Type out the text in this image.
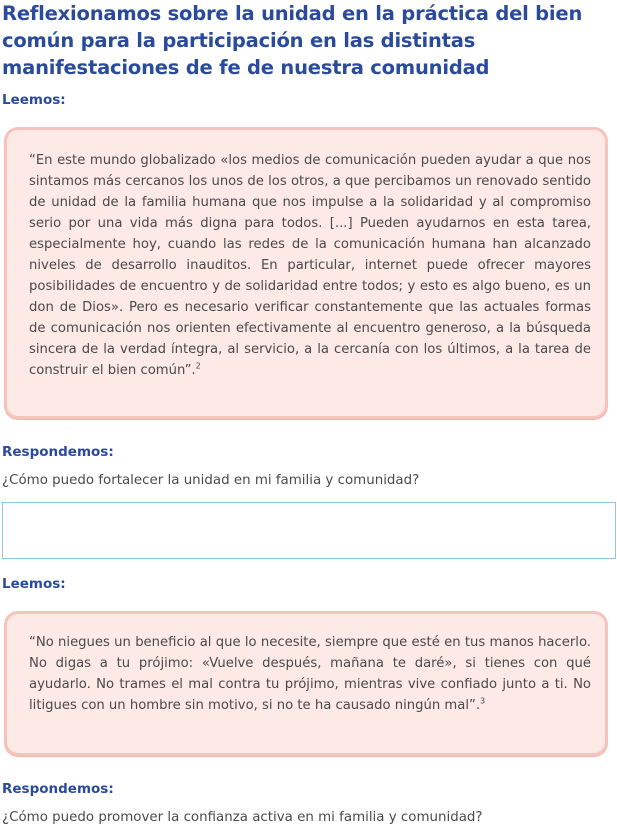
Reflexionamos sobre la unidad en la práctica del bien común para la participación en las distintas manifestaciones de fe de nuestra comunidad
Leemos:

“En este mundo globalizado «los medios de comunicación pueden ayudar a que nos sintamos más cercanos los unos de los otros, a que percibamos un renovado sentido de unidad de la familia humana que nos impulse a la solidaridad y al compromiso serio por una vida más digna para todos. [...] Pueden ayudarnos en esta tarea, especialmente hoy, cuando las redes de la comunicación humana han alcanzado niveles de desarrollo inauditos. En particular, internet puede ofrecer mayores posibilidades de encuentro y de solidaridad entre todos; y esto es algo bueno, es un don de Dios». Pero es necesario verificar constantemente que las actuales formas de comunicación nos orienten efectivamente al encuentro generoso, a la búsqueda sincera de la verdad íntegra, al servicio, a la cercanía con los últimos, a la tarea de construir el bien común”.$^2$

Respondemos:
¿Cómo puedo fortalecer la unidad en mi familia y comunidad?
Leemos:

“No niegues un beneficio al que lo necesite, siempre que esté en tus manos hacerlo. No digas a tu prójimo: «Vuelve después, mañana te daré», si tienes con qué ayudarlo. No trames el mal contra tu prójimo, mientras vive confiado junto a ti. No litigues con un hombre sin motivo, si no te ha causado ningún mal”.$^3$

Respondemos:
¿Cómo puedo promover la confianza activa en mi familia y comunidad?
